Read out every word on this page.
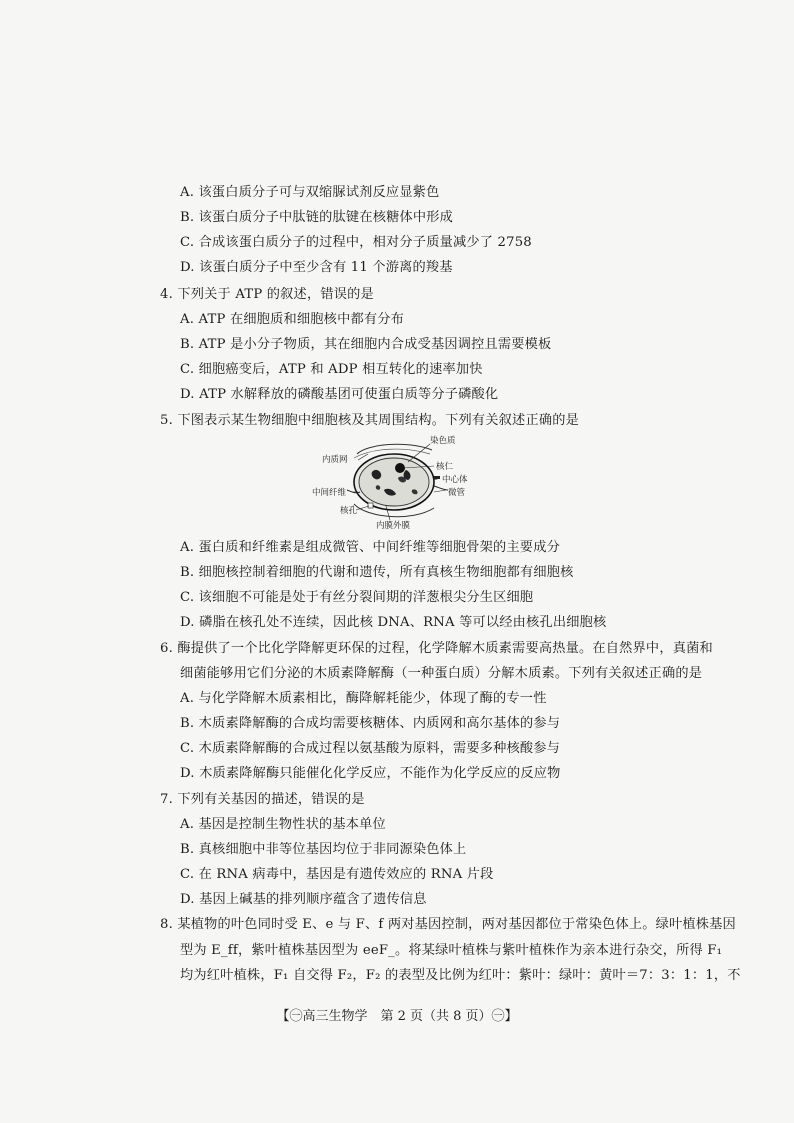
A. 该蛋白质分子可与双缩脲试剂反应显紫色
B. 该蛋白质分子中肽链的肽键在核糖体中形成
C. 合成该蛋白质分子的过程中，相对分子质量减少了 2758
D. 该蛋白质分子中至少含有 11 个游离的羧基
4. 下列关于 ATP 的叙述，错误的是
A. ATP 在细胞质和细胞核中都有分布
B. ATP 是小分子物质，其在细胞内合成受基因调控且需要模板
C. 细胞癌变后，ATP 和 ADP 相互转化的速率加快
D. ATP 水解释放的磷酸基团可使蛋白质等分子磷酸化
5. 下图表示某生物细胞中细胞核及其周围结构。下列有关叙述正确的是
染色质
内质网
核仁
中心体
中间纤维	微管
核孔
内膜外膜
A. 蛋白质和纤维素是组成微管、中间纤维等细胞骨架的主要成分
B. 细胞核控制着细胞的代谢和遗传，所有真核生物细胞都有细胞核
C. 该细胞不可能是处于有丝分裂间期的洋葱根尖分生区细胞
D. 磷脂在核孔处不连续，因此核 DNA、RNA 等可以经由核孔出细胞核
6. 酶提供了一个比化学降解更环保的过程，化学降解木质素需要高热量。在自然界中，真菌和
细菌能够用它们分泌的木质素降解酶（一种蛋白质）分解木质素。下列有关叙述正确的是
A. 与化学降解木质素相比，酶降解耗能少，体现了酶的专一性
B. 木质素降解酶的合成均需要核糖体、内质网和高尔基体的参与
C. 木质素降解酶的合成过程以氨基酸为原料，需要多种核酸参与
D. 木质素降解酶只能催化化学反应，不能作为化学反应的反应物
7. 下列有关基因的描述，错误的是
A. 基因是控制生物性状的基本单位
B. 真核细胞中非等位基因均位于非同源染色体上
C. 在 RNA 病毒中，基因是有遗传效应的 RNA 片段
D. 基因上碱基的排列顺序蕴含了遗传信息
8. 某植物的叶色同时受 E、e 与 F、f 两对基因控制，两对基因都位于常染色体上。绿叶植株基因
型为 E_ff，紫叶植株基因型为 eeF_。将某绿叶植株与紫叶植株作为亲本进行杂交，所得 F₁
均为红叶植株，F₁ 自交得 F₂，F₂ 的表型及比例为红叶：紫叶：绿叶：黄叶＝7：3：1：1，不
【㊀高三生物学　第 2 页（共 8 页）㊀】
